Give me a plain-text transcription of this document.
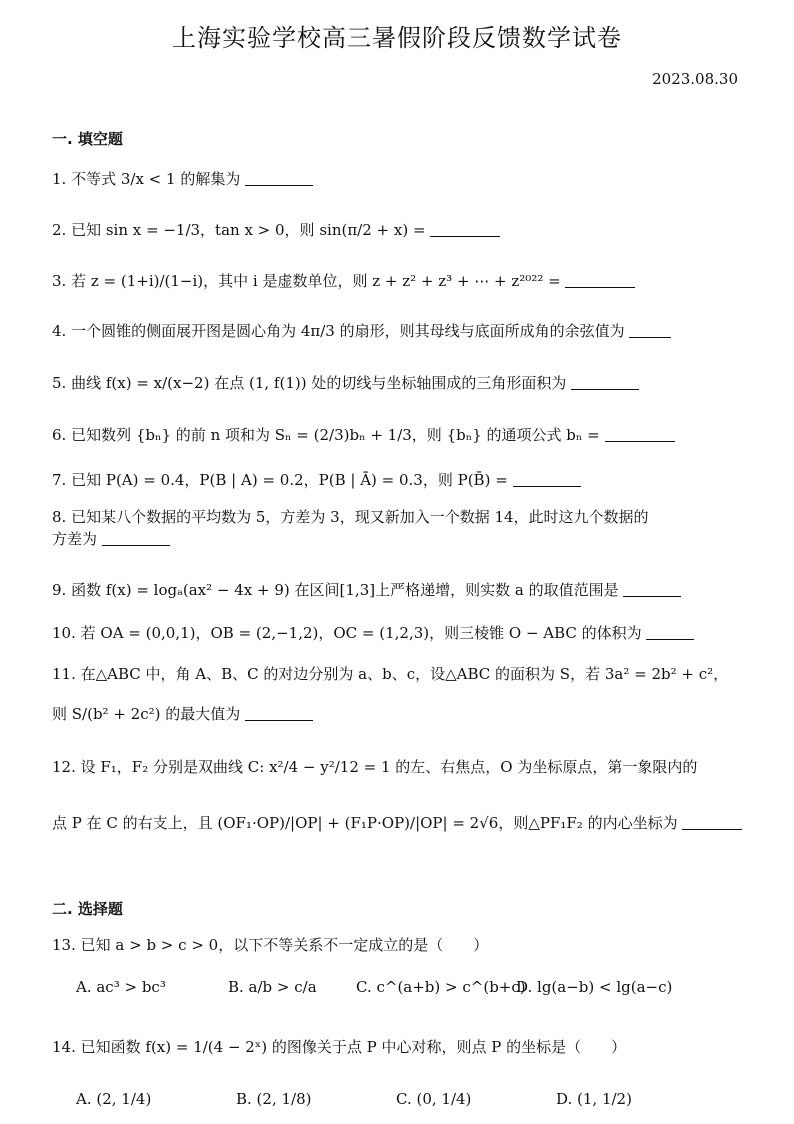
上海实验学校高三暑假阶段反馈数学试卷
2023.08.30
一. 填空题
1. 不等式 3/x < 1 的解集为
2. 已知 sin x = −1/3，tan x > 0，则 sin(π/2 + x) =
3. 若 z = (1+i)/(1−i)，其中 i 是虚数单位，则 z + z² + z³ + ⋯ + z²⁰²² =
4. 一个圆锥的侧面展开图是圆心角为 4π/3 的扇形，则其母线与底面所成角的余弦值为
5. 曲线 f(x) = x/(x−2) 在点 (1, f(1)) 处的切线与坐标轴围成的三角形面积为
6. 已知数列 {bₙ} 的前 n 项和为 Sₙ = (2/3)bₙ + 1/3，则 {bₙ} 的通项公式 bₙ =
7. 已知 P(A) = 0.4，P(B | A) = 0.2，P(B | Ā) = 0.3，则 P(B̄) =
8. 已知某八个数据的平均数为 5，方差为 3，现又新加入一个数据 14，此时这九个数据的
方差为
9. 函数 f(x) = logₐ(ax² − 4x + 9) 在区间[1,3]上严格递增，则实数 a 的取值范围是
10. 若 OA = (0,0,1)，OB = (2,−1,2)，OC = (1,2,3)，则三棱锥 O − ABC 的体积为
11. 在△ABC 中，角 A、B、C 的对边分别为 a、b、c，设△ABC 的面积为 S，若 3a² = 2b² + c²，
则 S/(b² + 2c²) 的最大值为
12. 设 F₁，F₂ 分别是双曲线 C: x²/4 − y²/12 = 1 的左、右焦点，O 为坐标原点，第一象限内的
点 P 在 C 的右支上，且 (OF₁·OP)/|OP| + (F₁P·OP)/|OP| = 2√6，则△PF₁F₂ 的内心坐标为
二. 选择题
13. 已知 a > b > c > 0，以下不等关系不一定成立的是（　　）
A. ac³ > bc³	B. a/b > c/a	C. c^(a+b) > c^(b+c)
D. lg(a−b) < lg(a−c)
14. 已知函数 f(x) = 1/(4 − 2ˣ) 的图像关于点 P 中心对称，则点 P 的坐标是（　　）
A. (2, 1/4)	B. (2, 1/8)	C. (0, 1/4)	D. (1, 1/2)
